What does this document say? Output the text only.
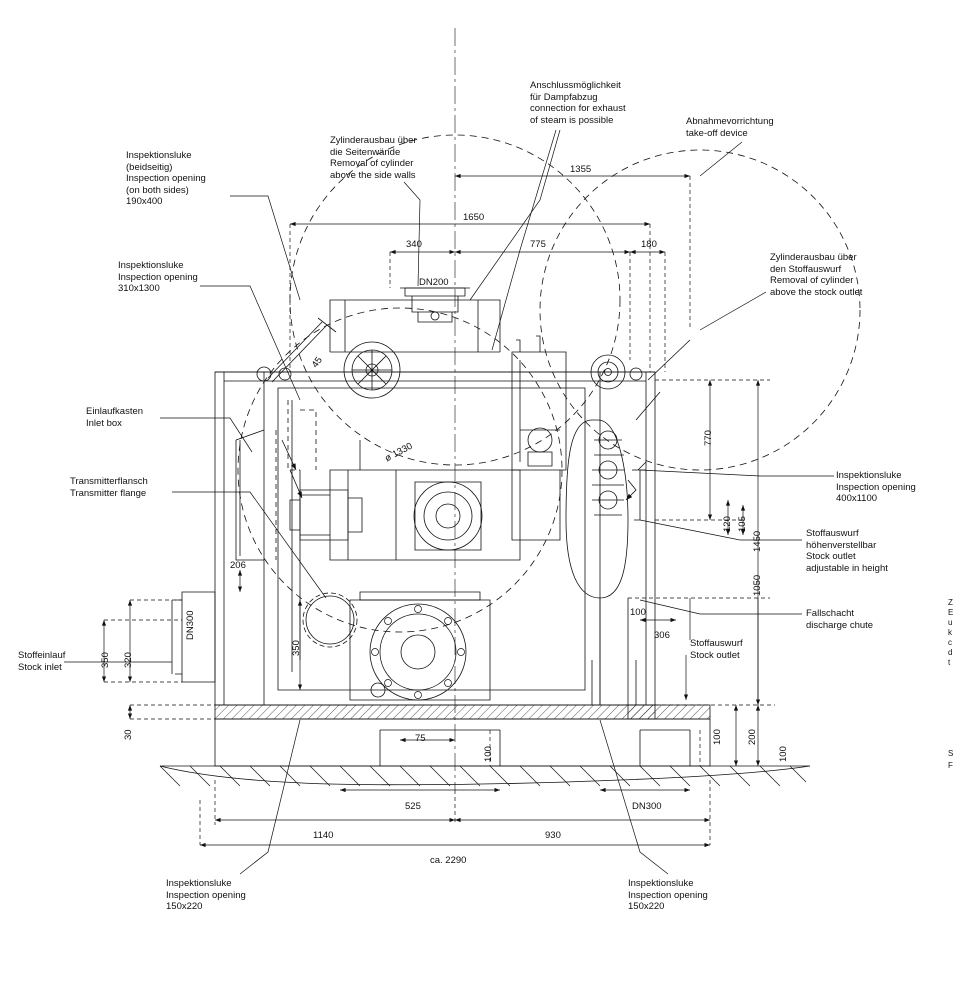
Inspektionsluke
(beidseitig)
Inspection opening
(on both sides)
190x400
Inspektionsluke
Inspection opening
310x1300
Einlaufkasten
Inlet box
Transmitterflansch
Transmitter flange
Stoffeinlauf
Stock inlet
Zylinderausbau über
die Seitenwände
Removal of cylinder
above the side walls
Anschlussmöglichkeit
für Dampfabzug
connection for exhaust
of steam is possible	Abnahmevorrichtung
take-off device
Zylinderausbau über
den Stoffauswurf
Removal of cylinder
above the stock outlet
Inspektionsluke
Inspection opening
400x1100
Stoffauswurf
höhenverstellbar
Stock outlet
adjustable in height
Fallschacht
discharge chute
Stoffauswurf
Stock outlet
Inspektionsluke
Inspection opening
150x220
Inspektionsluke
Inspection opening
150x220
Z
E
u
k
c
d
t
S
F
1355
1650
340	775	180
DN200
45
ø 1330
206
DN300
350 320
30
350
770
120 105
1450
1050
100
306
75
100
100	200
100
525	DN300
1140	930
ca. 2290
